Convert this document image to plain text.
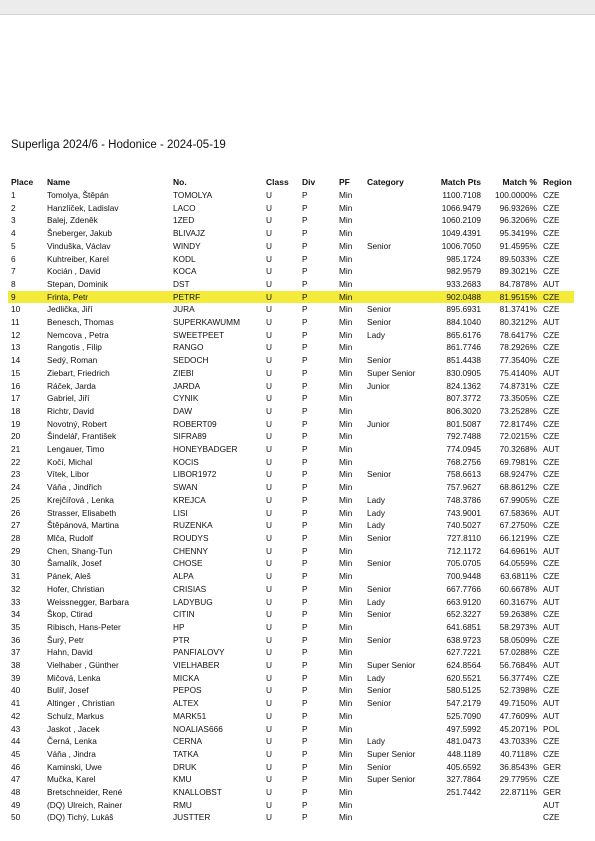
Superliga 2024/6 - Hodonice - 2024-05-19
Place	Name	No.	Class	Div	PF	Category	Match Pts	Match %	Region
1	Tomolya, Štěpán	TOMOLYA	U	P	Min		1100.7108	100.0000%	CZE
2	Hanzlíček, Ladislav	LACO	U	P	Min		1066.9479	96.9326%	CZE
3	Balej, Zdeněk	1ZED	U	P	Min		1060.2109	96.3206%	CZE
4	Šneberger, Jakub	BLIVAJZ	U	P	Min		1049.4391	95.3419%	CZE
5	Vinduška, Václav	WINDY	U	P	Min	Senior	1006.7050	91.4595%	CZE
6	Kuhtreiber, Karel	KODL	U	P	Min		985.1724	89.5033%	CZE
7	Kocián , David	KOCA	U	P	Min		982.9579	89.3021%	CZE
8	Stepan, Dominik	DST	U	P	Min		933.2683	84.7878%	AUT
9	Frinta, Petr	PETRF	U	P	Min		902.0488	81.9515%	CZE
10	Jedlička, Jiří	JURA	U	P	Min	Senior	895.6931	81.3741%	CZE
11	Benesch, Thomas	SUPERKAWUMM	U	P	Min	Senior	884.1040	80.3212%	AUT
12	Nemcova , Petra	SWEETPEET	U	P	Min	Lady	865.6176	78.6417%	CZE
13	Rangotis , Filip	RANGO	U	P	Min		861.7746	78.2926%	CZE
14	Sedý, Roman	SEDOCH	U	P	Min	Senior	851.4438	77.3540%	CZE
15	Ziebart, Friedrich	ZIEBI	U	P	Min	Super Senior	830.0905	75.4140%	AUT
16	Ráček, Jarda	JARDA	U	P	Min	Junior	824.1362	74.8731%	CZE
17	Gabriel, Jiří	CYNIK	U	P	Min		807.3772	73.3505%	CZE
18	Richtr, David	DAW	U	P	Min		806.3020	73.2528%	CZE
19	Novotný, Robert	ROBERT09	U	P	Min	Junior	801.5087	72.8174%	CZE
20	Šindelář, František	SIFRA89	U	P	Min		792.7488	72.0215%	CZE
21	Lengauer, Timo	HONEYBADGER	U	P	Min		774.0945	70.3268%	AUT
22	Kočí, Michal	KOCIS	U	P	Min		768.2756	69.7981%	CZE
23	Vítek, Libor	LIBOR1972	U	P	Min	Senior	758.6613	68.9247%	CZE
24	Váňa , Jindřich	SWAN	U	P	Min		757.9627	68.8612%	CZE
25	Krejčířová , Lenka	KREJCA	U	P	Min	Lady	748.3786	67.9905%	CZE
26	Strasser, Elisabeth	LISI	U	P	Min	Lady	743.9001	67.5836%	AUT
27	Štěpánová, Martina	RUZENKA	U	P	Min	Lady	740.5027	67.2750%	CZE
28	Mlča, Rudolf	ROUDYS	U	P	Min	Senior	727.8110	66.1219%	CZE
29	Chen, Shang-Tun	CHENNY	U	P	Min		712.1172	64.6961%	AUT
30	Šamalík, Josef	CHOSE	U	P	Min	Senior	705.0705	64.0559%	CZE
31	Pánek, Aleš	ALPA	U	P	Min		700.9448	63.6811%	CZE
32	Hofer, Christian	CRISIAS	U	P	Min	Senior	667.7766	60.6678%	AUT
33	Weissnegger, Barbara	LADYBUG	U	P	Min	Lady	663.9120	60.3167%	AUT
34	Škop, Ctirad	CITIN	U	P	Min	Senior	652.3227	59.2638%	CZE
35	Ribisch, Hans-Peter	HP	U	P	Min		641.6851	58.2973%	AUT
36	Šurý, Petr	PTR	U	P	Min	Senior	638.9723	58.0509%	CZE
37	Hahn, David	PANFIALOVY	U	P	Min		627.7221	57.0288%	CZE
38	Vielhaber , Günther	VIELHABER	U	P	Min	Super Senior	624.8564	56.7684%	AUT
39	Mičová, Lenka	MICKA	U	P	Min	Lady	620.5521	56.3774%	CZE
40	Bulíř, Josef	PEPOS	U	P	Min	Senior	580.5125	52.7398%	CZE
41	Altinger , Christian	ALTEX	U	P	Min	Senior	547.2179	49.7150%	AUT
42	Schulz, Markus	MARK51	U	P	Min		525.7090	47.7609%	AUT
43	Jaskot , Jacek	NOALIAS666	U	P	Min		497.5992	45.2071%	POL
44	Černá, Lenka	CERNA	U	P	Min	Lady	481.0473	43.7033%	CZE
45	Váňa , Jindra	TATKA	U	P	Min	Super Senior	448.1189	40.7118%	CZE
46	Kaminski, Uwe	DRUK	U	P	Min	Senior	405.6592	36.8543%	GER
47	Mučka, Karel	KMU	U	P	Min	Super Senior	327.7864	29.7795%	CZE
48	Bretschneider, René	KNALLOBST	U	P	Min		251.7442	22.8711%	GER
49	(DQ) Ulreich, Rainer	RMU	U	P	Min				AUT
50	(DQ) Tichý, Lukáš	JUSTTER	U	P	Min				CZE
